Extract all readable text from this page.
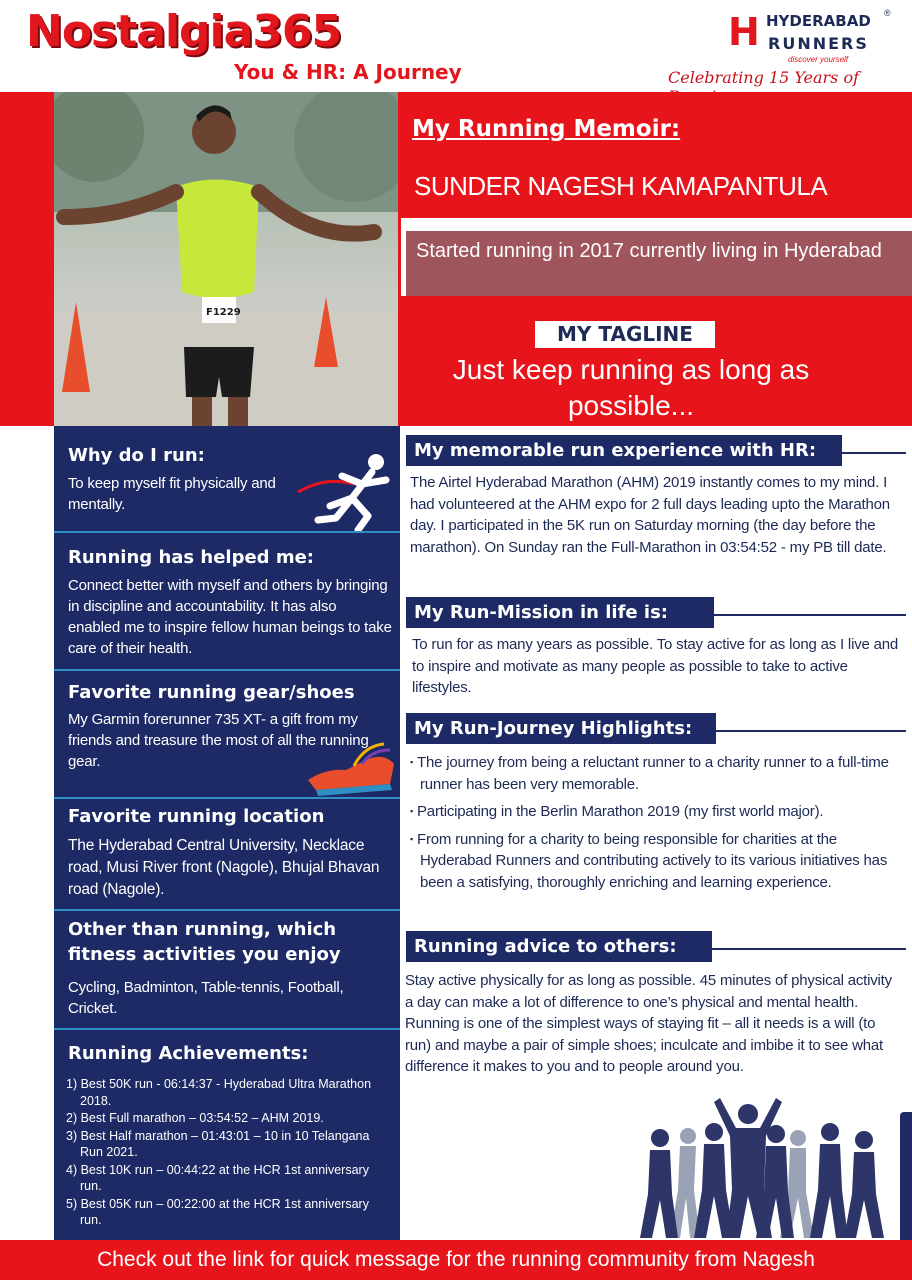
Nostalgia365
You & HR: A Journey
H HYDERABAD
RUNNERS
discover yourself
®
Celebrating 15 Years of
F1229
My Running Memoir:
SUNDER NAGESH KAMAPANTULA
Started running in 2017 currently living in Hyderabad
MY TAGLINE
Just keep running as long as possible...
Why do I run:
To keep myself fit physically and mentally.
Running has helped me:
Connect better with myself and others by bringing in discipline and accountability. It has also enabled me to inspire fellow human beings to take care of their health.
Favorite running gear/shoes
My Garmin forerunner 735 XT- a gift from my friends and treasure the most of all the running gear.
Favorite running location
The Hyderabad Central University, Necklace road, Musi River front (Nagole), Bhujal Bhavan road (Nagole).
Other than running, which fitness activities you enjoy
Cycling, Badminton, Table-tennis, Football, Cricket.
Running Achievements:
1) Best 50K run - 06:14:37 - Hyderabad Ultra Marathon 2018.
2) Best Full marathon – 03:54:52 – AHM 2019.
3) Best Half marathon – 01:43:01 – 10 in 10 Telangana Run 2021.
4) Best 10K run – 00:44:22 at the HCR 1st anniversary run.
5) Best 05K run – 00:22:00 at the HCR 1st anniversary run.
My memorable run experience with HR:
The Airtel Hyderabad Marathon (AHM) 2019 instantly comes to my mind. I had volunteered at the AHM expo for 2 full days leading upto the Marathon day. I participated in the 5K run on Saturday morning (the day before the marathon). On Sunday ran the Full-Marathon in 03:54:52 - my PB till date.
My Run-Mission in life is:
To run for as many years as possible. To stay active for as long as I live and to inspire and motivate as many people as possible to take to active lifestyles.
My Run-Journey Highlights:
▪ The journey from being a reluctant runner to a charity runner to a full-time runner has been very memorable.
▪ Participating in the Berlin Marathon 2019 (my first world major).
▪ From running for a charity to being responsible for charities at the Hyderabad Runners and contributing actively to its various initiatives has been a satisfying, thoroughly enriching and learning experience.
Running advice to others:
Stay active physically for as long as possible. 45 minutes of physical activity a day can make a lot of difference to one’s physical and mental health. Running is one of the simplest ways of staying fit – all it needs is a will (to run) and maybe a pair of simple shoes; inculcate and imbibe it to see what difference it makes to you and to people around you.
Check out the link for quick message for the running community from Nagesh
